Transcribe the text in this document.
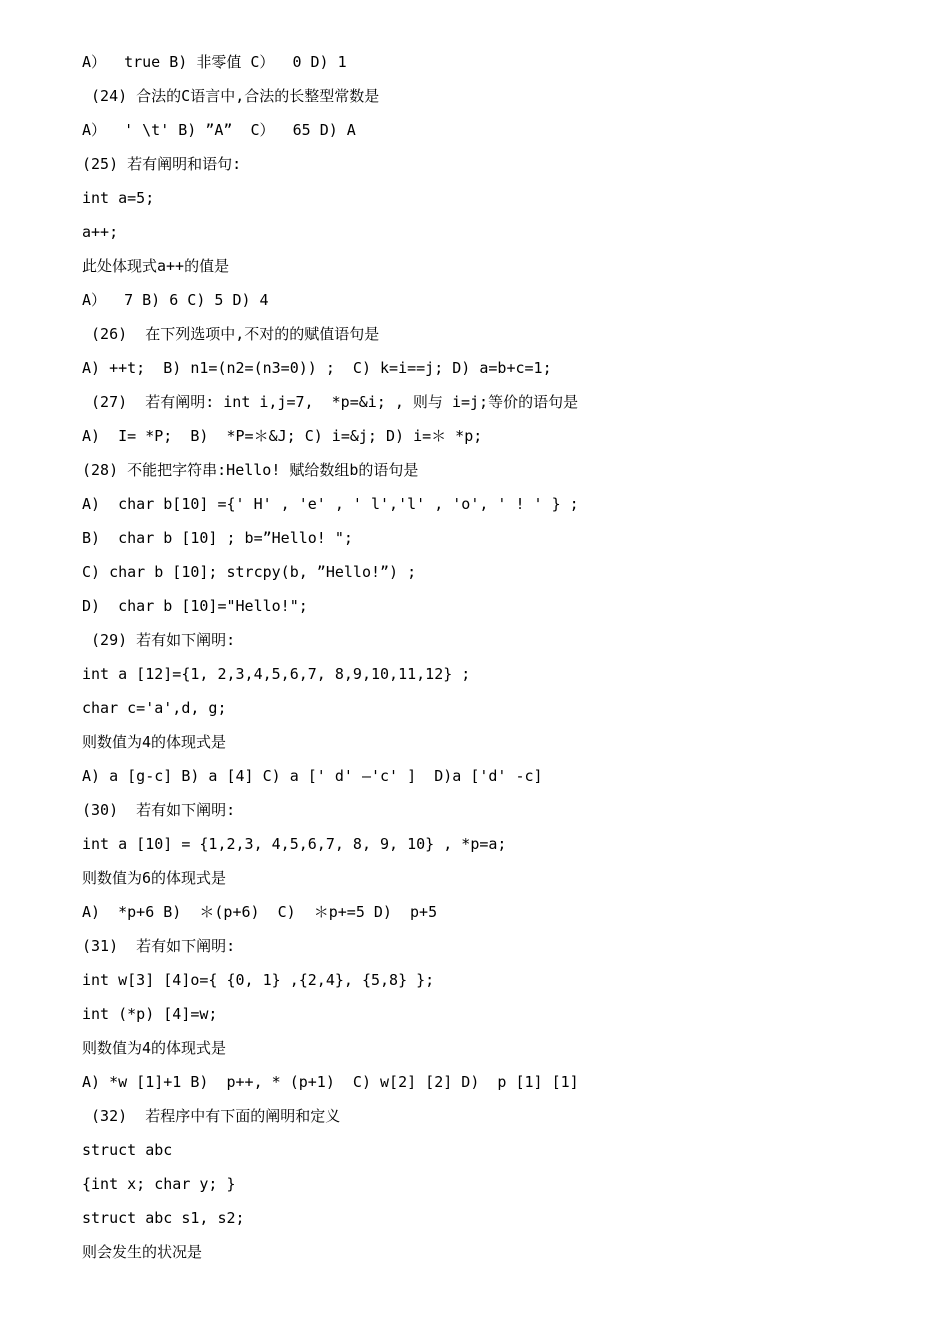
A）  true B) 非零值 C）  0 D) 1
(24) 合法的C语言中,合法的长整型常数是
A）  ' \t' B) ”A”  C）  65 D) A
(25) 若有阐明和语句:
int a=5;
a++;
此处体现式a++的值是
A）  7 B) 6 C) 5 D) 4
(26)  在下列选项中,不对的的赋值语句是
A) ++t;  B) n1=(n2=(n3=0)) ;  C) k=i==j; D) a=b+c=1;
(27)  若有阐明: int i,j=7,  *p=&i; , 则与 i=j;等价的语句是
A)  I= *P;  B)  *P=＊&J; C) i=&j; D) i=＊ *p;
(28) 不能把字符串:Hello! 赋给数组b的语句是
A)  char b[10] ={' H' , 'e' , ' l','l' , 'o', ' ! ' } ;
B)  char b [10] ; b=”Hello! ";
C) char b [10]; strcpy(b, ”Hello!”) ;
D)  char b [10]="Hello!";
(29) 若有如下阐明:
int a [12]={1, 2,3,4,5,6,7, 8,9,10,11,12} ;
char c='a',d, g;
则数值为4的体现式是
A) a [g-c] B) a [4] C) a [' d' —'c' ]  D)a ['d' -c]
(30)  若有如下阐明:
int a [10] = {1,2,3, 4,5,6,7, 8, 9, 10} , *p=a;
则数值为6的体现式是
A)  *p+6 B)  ＊(p+6)  C)  ＊p+=5 D)  p+5
(31)  若有如下阐明:
int w[3] [4]o={ {0, 1} ,{2,4}, {5,8} };
int (*p) [4]=w;
则数值为4的体现式是
A) *w [1]+1 B)  p++, * (p+1)  C) w[2] [2] D)  p [1] [1]
(32)  若程序中有下面的阐明和定义
struct abc
{int x; char y; }
struct abc s1, s2;
则会发生的状况是
